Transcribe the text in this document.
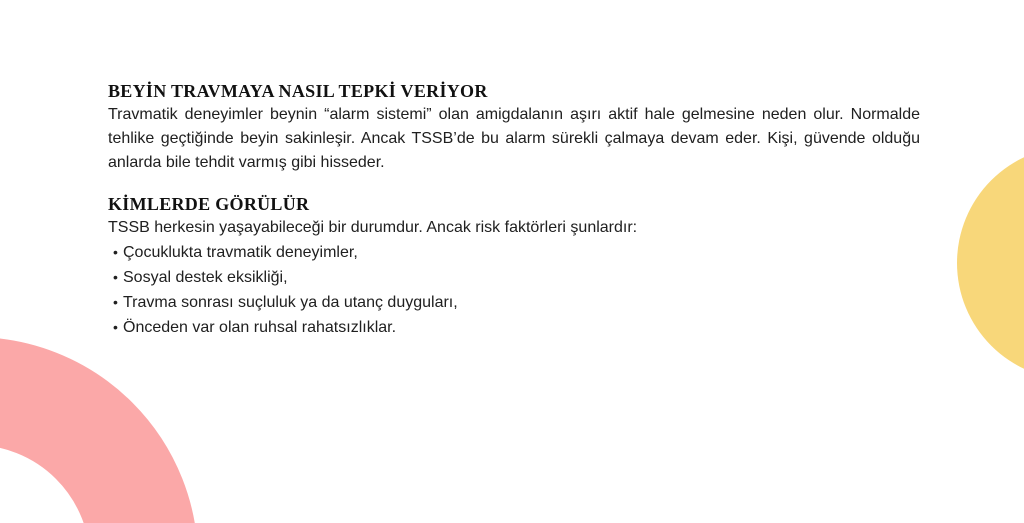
BEYİN TRAVMAYA NASIL TEPKİ VERİYOR

Travmatik deneyimler beynin “alarm sistemi” olan amigdalanın aşırı aktif hale gelmesine neden olur. Normalde tehlike geçtiğinde beyin sakinleşir. Ancak TSSB’de bu alarm sürekli çalmaya devam eder. Kişi, güvende olduğu anlarda bile tehdit varmış gibi hisseder.

KİMLERDE GÖRÜLÜR

TSSB herkesin yaşayabileceği bir durumdur. Ancak risk faktörleri şunlardır:

• Çocuklukta travmatik deneyimler,
• Sosyal destek eksikliği,
• Travma sonrası suçluluk ya da utanç duyguları,
• Önceden var olan ruhsal rahatsızlıklar.
